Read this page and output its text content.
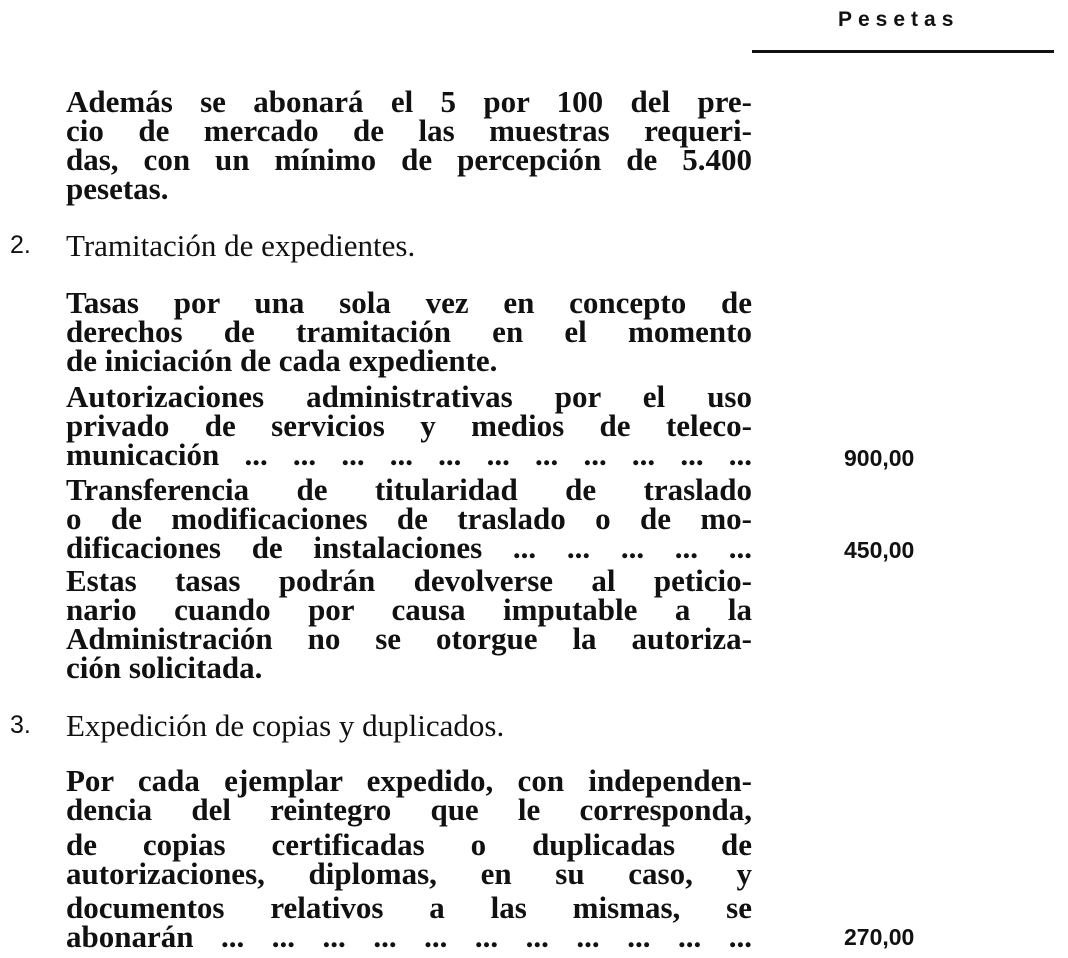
Pesetas
Además se abonará el 5 por 100 del pre-
cio de mercado de las muestras requeri-
das, con un mínimo de percepción de 5.400
pesetas.
2. Tramitación de expedientes.
Tasas por una sola vez en concepto de
derechos de tramitación en el momento
de iniciación de cada expediente.
Autorizaciones administrativas por el uso
privado de servicios y medios de teleco-
municación ... ... ... ... ... ... ... ... ... ... ...	900,00
Transferencia de titularidad de traslado
o de modificaciones de traslado o de mo-
dificaciones de instalaciones ... ... ... ... ...	450,00
Estas tasas podrán devolverse al peticio-
nario cuando por causa imputable a la
Administración no se otorgue la autoriza-
ción solicitada.
3. Expedición de copias y duplicados.
Por cada ejemplar expedido, con independen-
dencia del reintegro que le corresponda,
de copias certificadas o duplicadas de
autorizaciones, diplomas, en su caso, y
documentos relativos a las mismas, se
abonarán ... ... ... ... ... ... ... ... ... ... ...	270,00
